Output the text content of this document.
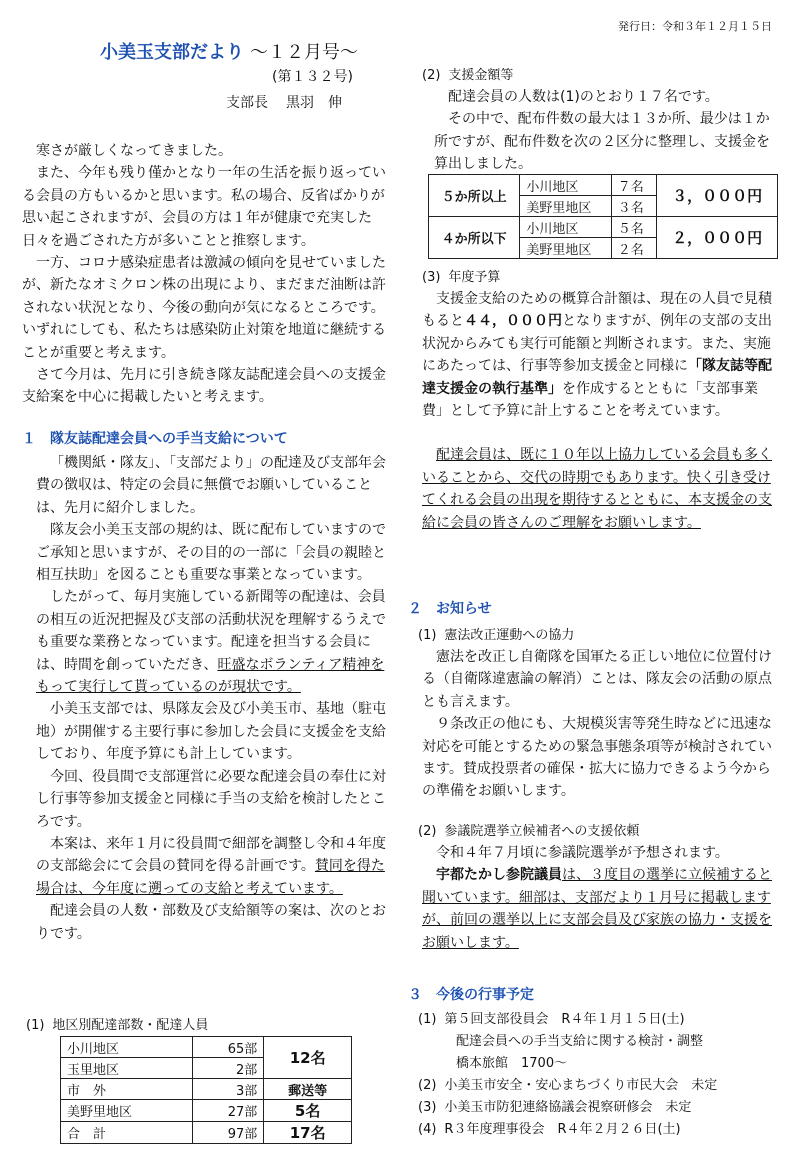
発行日：令和３年１２月１５日
小美玉支部だより 〜１２月号〜
(第１３２号)
支部長 黒羽　伸

寒さが厳しくなってきました。

また、今年も残り僅かとなり一年の生活を振り返っている会員の方もいるかと思います。私の場合、反省ばかりが思い起こされますが、会員の方は１年が健康で充実した日々を過ごされた方が多いことと推察します。

一方、コロナ感染症患者は激減の傾向を見せていましたが、新たなオミクロン株の出現により、まだまだ油断は許されない状況となり、今後の動向が気になるところです。いずれにしても、私たちは感染防止対策を地道に継続することが重要と考えます。

さて今月は、先月に引き続き隊友誌配達会員への支援金支給案を中心に掲載したいと考えます。

１ 隊友誌配達会員への手当支給について

「機関紙・隊友」、「支部だより」の配達及び支部年会費の徴収は、特定の会員に無償でお願いしていることは、先月に紹介しました。

隊友会小美玉支部の規約は、既に配布していますのでご承知と思いますが、その目的の一部に「会員の親睦と相互扶助」を図ることも重要な事業となっています。

したがって、毎月実施している新聞等の配達は、会員の相互の近況把握及び支部の活動状況を理解するうえでも重要な業務となっています。配達を担当する会員には、時間を創っていただき、旺盛なボランティア精神をもって実行して貰っているのが現状です。

小美玉支部では、県隊友会及び小美玉市、基地（駐屯地）が開催する主要行事に参加した会員に支援金を支給しており、年度予算にも計上しています。

今回、役員間で支部運営に必要な配達会員の奉仕に対し行事等参加支援金と同様に手当の支給を検討したところです。

本案は、来年１月に役員間で細部を調整し令和４年度の支部総会にて会員の賛同を得る計画です。賛同を得た場合は、今年度に遡っての支給と考えています。

配達会員の人数・部数及び支給額等の案は、次のとおりです。

(1) 地区別配達部数・配達人員
小川地区	65部	12名
玉里地区	2部	
市　外	3部	郵送等
美野里地区	27部	5名
合　計	97部	17名
(2) 支援金額等

配達会員の人数は(1)のとおり１７名です。

その中で、配布件数の最大は１３か所、最少は１か所ですが、配布件数を次の２区分に整理し、支援金を算出しました。

５か所以上	小川地区	７名	３，０００円
	美野里地区	３名	
４か所以下	小川地区	５名	２，０００円
	美野里地区	２名	
(3) 年度予算

支援金支給のための概算合計額は、現在の人員で見積もると４４，０００円となりますが、例年の支部の支出状況からみても実行可能額と判断されます。また、実施にあたっては、行事等参加支援金と同様に「隊友誌等配達支援金の執行基準」を作成するとともに「支部事業費」として予算に計上することを考えています。

配達会員は、既に１０年以上協力している会員も多くいることから、交代の時期でもあります。快く引き受けてくれる会員の出現を期待するとともに、本支援金の支給に会員の皆さんのご理解をお願いします。

２ お知らせ
(1) 憲法改正運動への協力

憲法を改正し自衛隊を国軍たる正しい地位に位置付ける（自衛隊違憲論の解消）ことは、隊友会の活動の原点とも言えます。

９条改正の他にも、大規模災害等発生時などに迅速な対応を可能とするための緊急事態条項等が検討されています。賛成投票者の確保・拡大に協力できるよう今からの準備をお願いします。

(2) 参議院選挙立候補者への支援依頼

令和４年７月頃に参議院選挙が予想されます。

宇都たかし参院議員は、３度目の選挙に立候補すると聞いています。細部は、支部だより１月号に掲載しますが、前回の選挙以上に支部会員及び家族の協力・支援をお願いします。

３ 今後の行事予定
(1) 第５回支部役員会　R４年１月１５日(土)
配達会員への手当支給に関する検討・調整
橋本旅館　1700〜
(2) 小美玉市安全・安心まちづくり市民大会　未定
(3) 小美玉市防犯連絡協議会視察研修会　未定
(4) R３年度理事役会　R４年２月２６日(土)
